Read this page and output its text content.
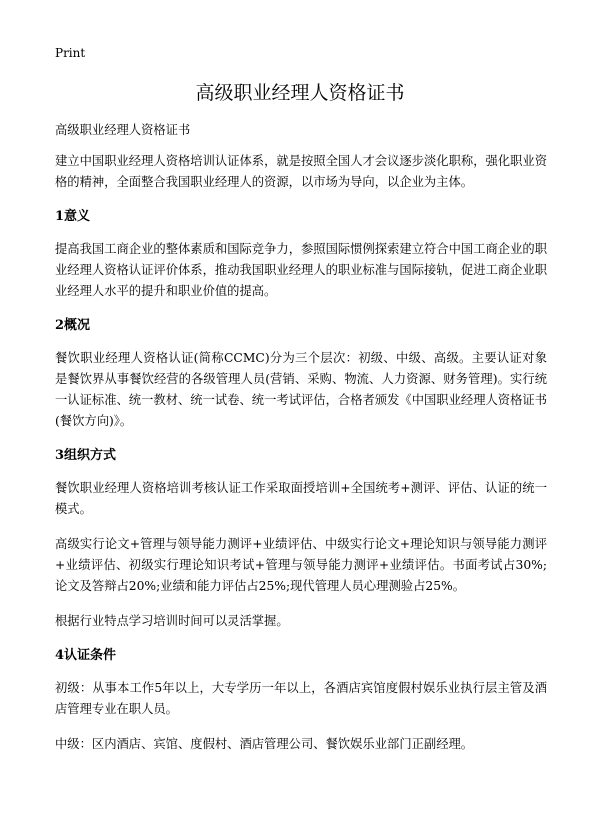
Print
高级职业经理人资格证书

高级职业经理人资格证书

建立中国职业经理人资格培训认证体系，就是按照全国人才会议逐步淡化职称，强化职业资格的精神，全面整合我国职业经理人的资源，以市场为导向，以企业为主体。

1意义

提高我国工商企业的整体素质和国际竞争力，参照国际惯例探索建立符合中国工商企业的职业经理人资格认证评价体系，推动我国职业经理人的职业标准与国际接轨，促进工商企业职业经理人水平的提升和职业价值的提高。

2概况

餐饮职业经理人资格认证(简称CCMC)分为三个层次：初级、中级、高级。主要认证对象是餐饮界从事餐饮经营的各级管理人员(营销、采购、物流、人力资源、财务管理)。实行统一认证标准、统一教材、统一试卷、统一考试评估，合格者颁发《中国职业经理人资格证书(餐饮方向)》。

3组织方式

餐饮职业经理人资格培训考核认证工作采取面授培训+全国统考+测评、评估、认证的统一模式。

高级实行论文+管理与领导能力测评+业绩评估、中级实行论文+理论知识与领导能力测评+业绩评估、初级实行理论知识考试+管理与领导能力测评+业绩评估。书面考试占30%;论文及答辩占20%;业绩和能力评估占25%;现代管理人员心理测验占25%。

根据行业特点学习培训时间可以灵活掌握。

4认证条件

初级：从事本工作5年以上，大专学历一年以上，各酒店宾馆度假村娱乐业执行层主管及酒店管理专业在职人员。

中级：区内酒店、宾馆、度假村、酒店管理公司、餐饮娱乐业部门正副经理。
